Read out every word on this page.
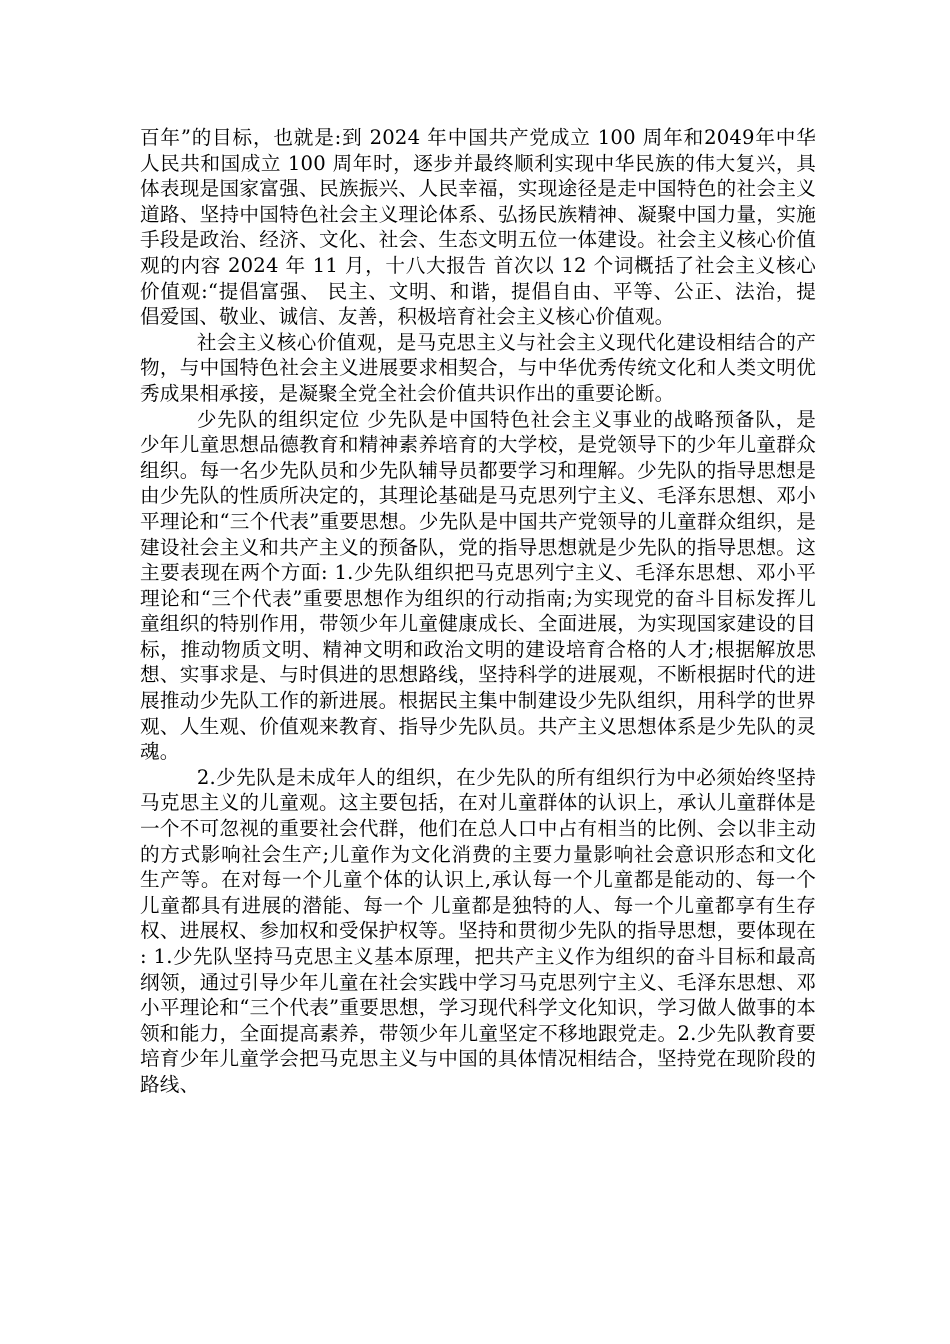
百年”的目标，也就是:到 2024 年中国共产党成立 100 周年和2049年中华人民共和国成立 100 周年时，逐步并最终顺利实现中华民族的伟大复兴，具体表现是国家富强、民族振兴、人民幸福，实现途径是走中国特色的社会主义道路、坚持中国特色社会主义理论体系、弘扬民族精神、凝聚中国力量，实施手段是政治、经济、文化、社会、生态文明五位一体建设。社会主义核心价值观的内容 2024 年 11 月，十八大报告 首次以 12 个词概括了社会主义核心价值观:“提倡富强、 民主、文明、和谐，提倡自由、平等、公正、法治，提倡爱国、敬业、诚信、友善，积极培育社会主义核心价值观。

社会主义核心价值观，是马克思主义与社会主义现代化建设相结合的产物，与中国特色社会主义进展要求相契合，与中华优秀传统文化和人类文明优秀成果相承接，是凝聚全党全社会价值共识作出的重要论断。

少先队的组织定位 少先队是中国特色社会主义事业的战略预备队，是少年儿童思想品德教育和精神素养培育的大学校，是党领导下的少年儿童群众组织。每一名少先队员和少先队辅导员都要学习和理解。少先队的指导思想是由少先队的性质所决定的，其理论基础是马克思列宁主义、毛泽东思想、邓小平理论和“三个代表”重要思想。少先队是中国共产党领导的儿童群众组织，是建设社会主义和共产主义的预备队，党的指导思想就是少先队的指导思想。这主要表现在两个方面: 1.少先队组织把马克思列宁主义、毛泽东思想、邓小平理论和“三个代表”重要思想作为组织的行动指南;为实现党的奋斗目标发挥儿童组织的特别作用，带领少年儿童健康成长、全面进展，为实现国家建设的目标，推动物质文明、精神文明和政治文明的建设培育合格的人才;根据解放思想、实事求是、与时俱进的思想路线，坚持科学的进展观，不断根据时代的进展推动少先队工作的新进展。根据民主集中制建设少先队组织，用科学的世界观、人生观、价值观来教育、指导少先队员。共产主义思想体系是少先队的灵魂。

2.少先队是未成年人的组织，在少先队的所有组织行为中必须始终坚持马克思主义的儿童观。这主要包括，在对儿童群体的认识上，承认儿童群体是一个不可忽视的重要社会代群，他们在总人口中占有相当的比例、会以非主动的方式影响社会生产;儿童作为文化消费的主要力量影响社会意识形态和文化生产等。在对每一个儿童个体的认识上,承认每一个儿童都是能动的、每一个儿童都具有进展的潜能、每一个 儿童都是独特的人、每一个儿童都享有生存权、进展权、参加权和受保护权等。坚持和贯彻少先队的指导思想，要体现在: 1.少先队坚持马克思主义基本原理，把共产主义作为组织的奋斗目标和最高纲领，通过引导少年儿童在社会实践中学习马克思列宁主义、毛泽东思想、邓小平理论和“三个代表”重要思想，学习现代科学文化知识，学习做人做事的本领和能力，全面提高素养，带领少年儿童坚定不移地跟党走。2.少先队教育要培育少年儿童学会把马克思主义与中国的具体情况相结合，坚持党在现阶段的路线、
